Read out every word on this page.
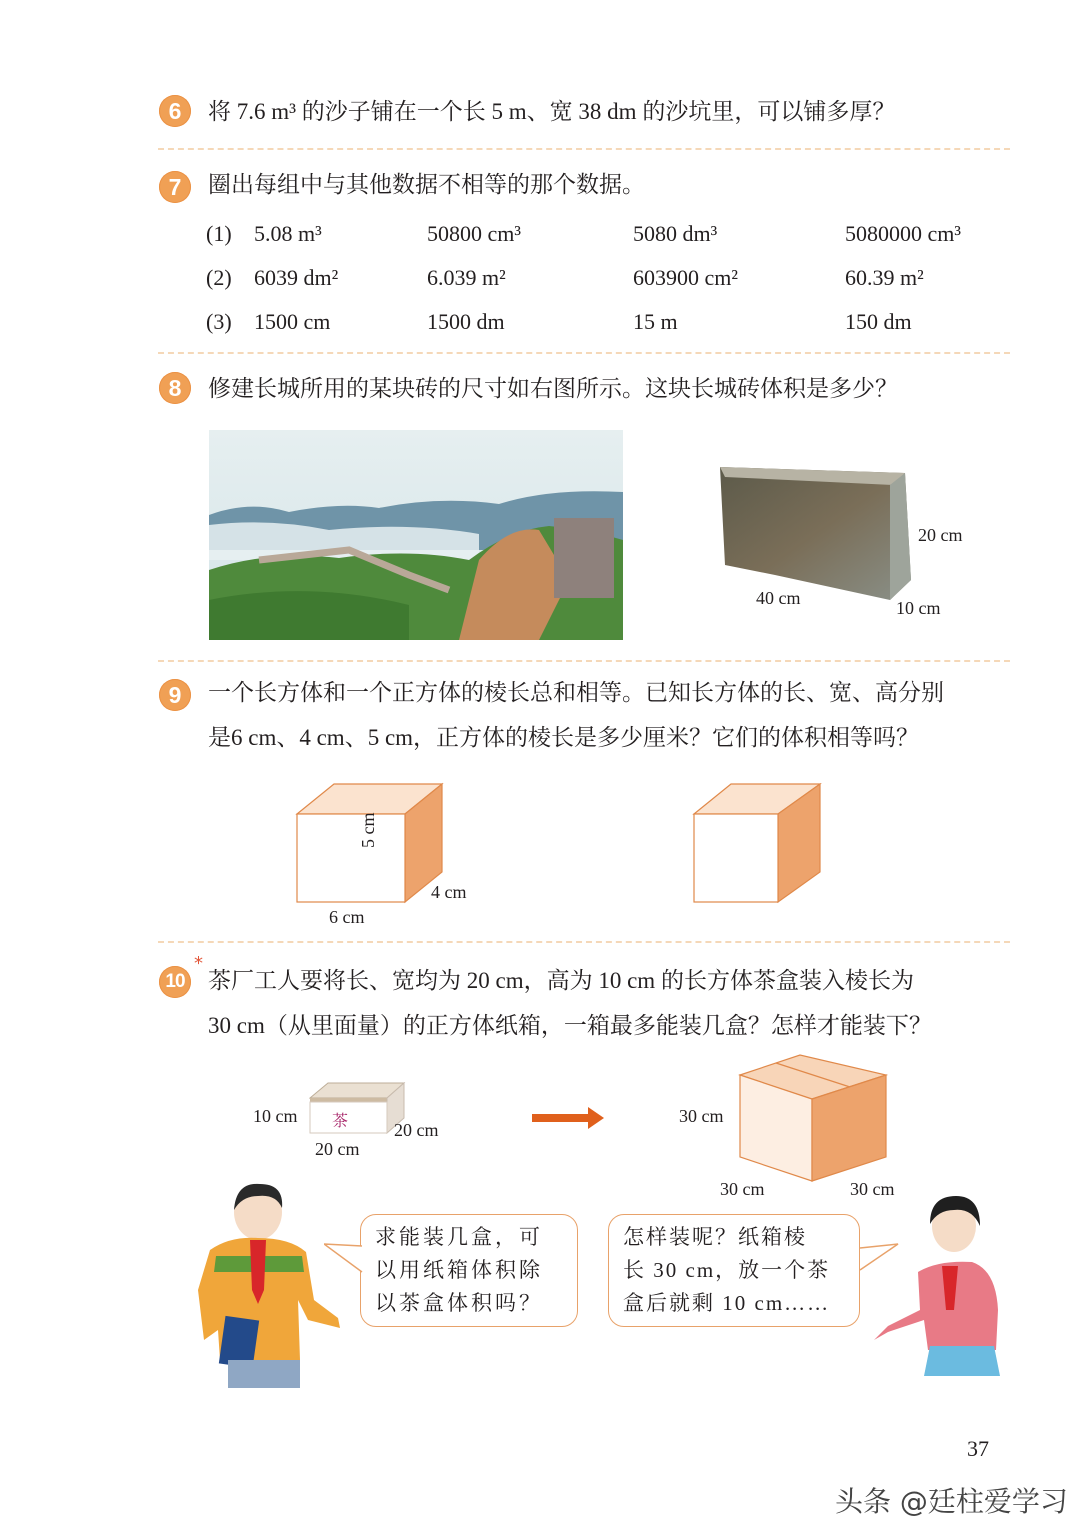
6	将 7.6 m³ 的沙子铺在一个长 5 m、宽 38 dm 的沙坑里，可以铺多厚？
7	圈出每组中与其他数据不相等的那个数据。
(1) 5.08 m³	50800 cm³	5080 dm³	5080000 cm³
(2) 6039 dm²	6.039 m²	603900 cm²	60.39 m²
(3) 1500 cm	1500 dm	15 m	150 dm
8	修建长城所用的某块砖的尺寸如右图所示。这块长城砖体积是多少？
20 cm
40 cm	10 cm
9	一个长方体和一个正方体的棱长总和相等。已知长方体的长、宽、高分别
是6 cm、4 cm、5 cm，正方体的棱长是多少厘米？它们的体积相等吗？
5 cm
4 cm
6 cm
10
*
茶厂工人要将长、宽均为 20 cm，高为 10 cm 的长方体茶盒装入棱长为
30 cm（从里面量）的正方体纸箱，一箱最多能装几盒？怎样才能装下？
茶
10 cm
20 cm
20 cm
30 cm
30 cm	30 cm
求能装几盒，可
以用纸箱体积除
以茶盒体积吗？
怎样装呢？纸箱棱
长 30 cm，放一个茶
盒后就剩 10 cm……
37
头条 @廷柱爱学习
